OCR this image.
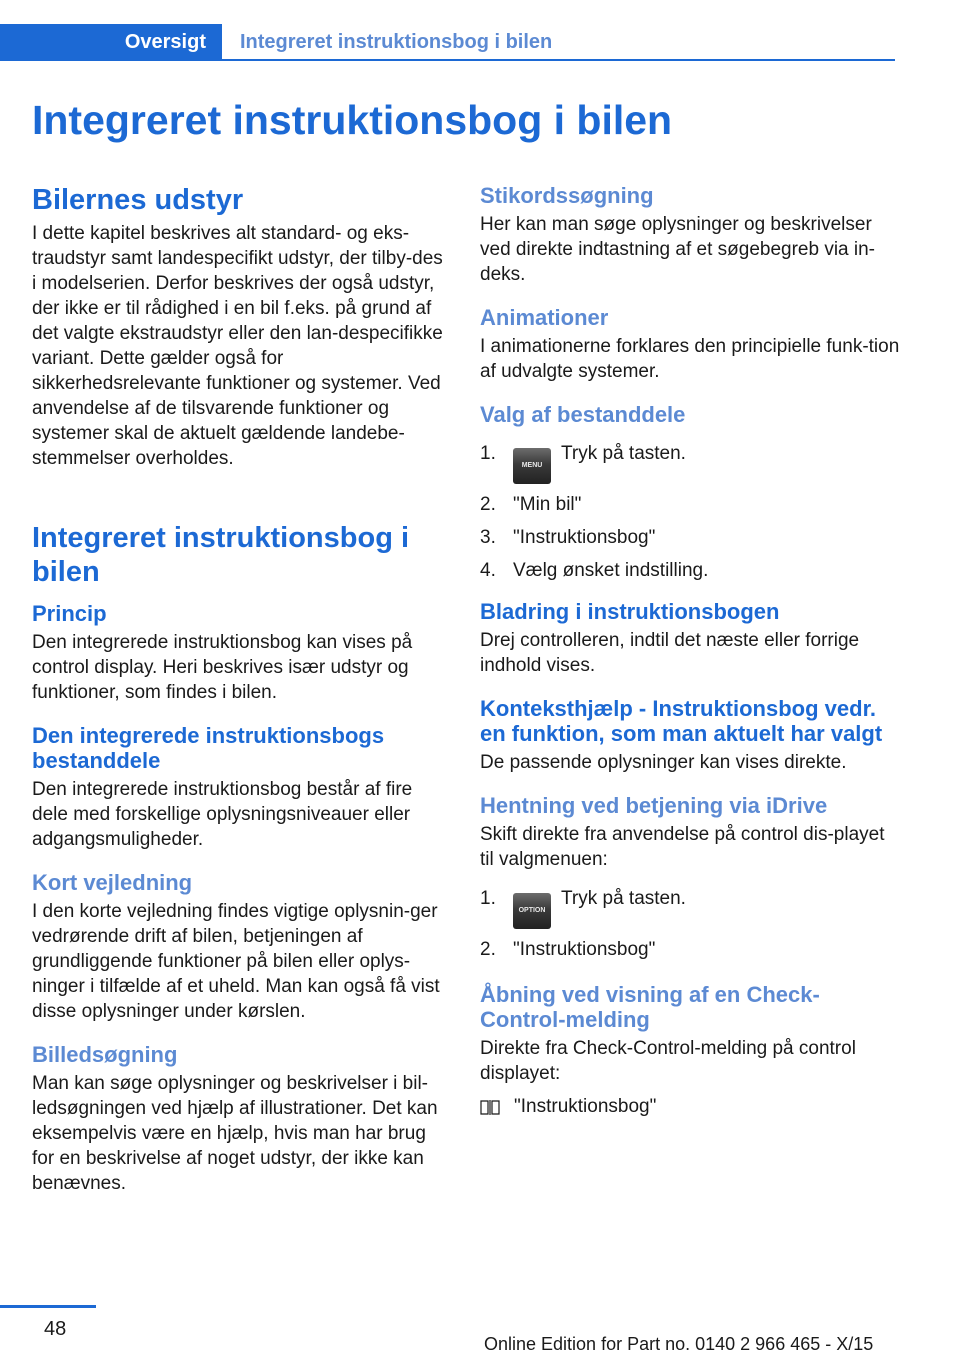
Oversigt	Integreret instruktionsbog i bilen
Integreret instruktionsbog i bilen
Bilernes udstyr

I dette kapitel beskrives alt standard- og eks-traudstyr samt landespecifikt udstyr, der tilby-des i modelserien. Derfor beskrives der også udstyr, der ikke er til rådighed i en bil f.eks. på grund af det valgte ekstraudstyr eller den lan-despecifikke variant. Dette gælder også for sikkerhedsrelevante funktioner og systemer. Ved anvendelse af de tilsvarende funktioner og systemer skal de aktuelt gældende landebe-stemmelser overholdes.

Integreret instruktionsbog i bilen
Princip

Den integrerede instruktionsbog kan vises på control display. Heri beskrives især udstyr og funktioner, som findes i bilen.

Den integrerede instruktionsbogs bestanddele

Den integrerede instruktionsbog består af fire dele med forskellige oplysningsniveauer eller adgangsmuligheder.

Kort vejledning

I den korte vejledning findes vigtige oplysnin-ger vedrørende drift af bilen, betjeningen af grundliggende funktioner på bilen eller oplys-ninger i tilfælde af et uheld. Man kan også få vist disse oplysninger under kørslen.

Billedsøgning

Man kan søge oplysninger og beskrivelser i bil-ledsøgningen ved hjælp af illustrationer. Det kan eksempelvis være en hjælp, hvis man har brug for en beskrivelse af noget udstyr, der ikke kan benævnes.

Stikordssøgning

Her kan man søge oplysninger og beskrivelser ved direkte indtastning af et søgebegreb via in-deks.

Animationer

I animationerne forklares den principielle funk-tion af udvalgte systemer.

Valg af bestanddele
1.
MENUTryk på tasten.
2. "Min bil"
3. "Instruktionsbog"
4. Vælg ønsket indstilling.
Bladring i instruktionsbogen

Drej controlleren, indtil det næste eller forrige indhold vises.

Konteksthjælp - Instruktionsbog vedr. en funktion, som man aktuelt har valgt

De passende oplysninger kan vises direkte.

Hentning ved betjening via iDrive

Skift direkte fra anvendelse på control dis-playet til valgmenuen:

1.
OPTIONTryk på tasten.
2. "Instruktionsbog"
Åbning ved visning af en Check-Control-melding

Direkte fra Check-Control-melding på control displayet:

"Instruktionsbog"
48
Online Edition for Part no. 0140 2 966 465 - X/15
